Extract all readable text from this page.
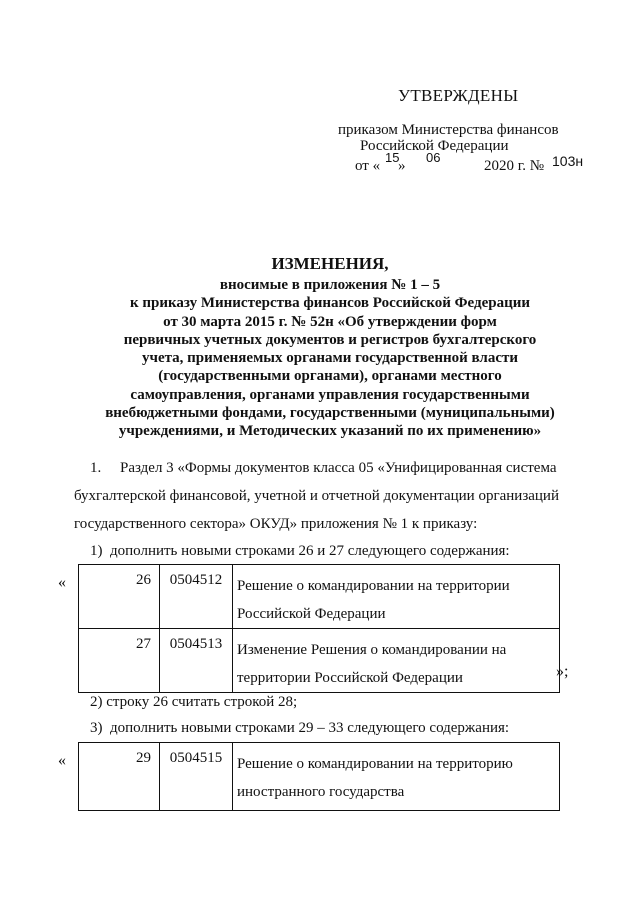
УТВЕРЖДЕНЫ
приказом Министерства финансов
Российской Федерации
от «
15
»
06
2020 г. № 103н
ИЗМЕНЕНИЯ,
вносимые в приложения № 1 – 5
к приказу Министерства финансов Российской Федерации
от 30 марта 2015 г. № 52н «Об утверждении форм
первичных учетных документов и регистров бухгалтерского
учета, применяемых органами государственной власти
(государственными органами), органами местного
самоуправления, органами управления государственными
внебюджетными фондами, государственными (муниципальными)
учреждениями, и Методических указаний по их применению»
1.     Раздел 3 «Формы документов класса 05 «Унифицированная система
бухгалтерской финансовой, учетной и отчетной документации организаций
государственного сектора» ОКУД» приложения № 1 к приказу:
1)  дополнить новыми строками 26 и 27 следующего содержания:
«	26	0504512	Решение о командировании на территории
Российской Федерации

27	0504513	Изменение Решения о командировании на
территории Российской Федерации	»;
2) строку 26 считать строкой 28;
3)  дополнить новыми строками 29 – 33 следующего содержания:
«	29	0504515	Решение о командировании на территорию
иностранного государства
